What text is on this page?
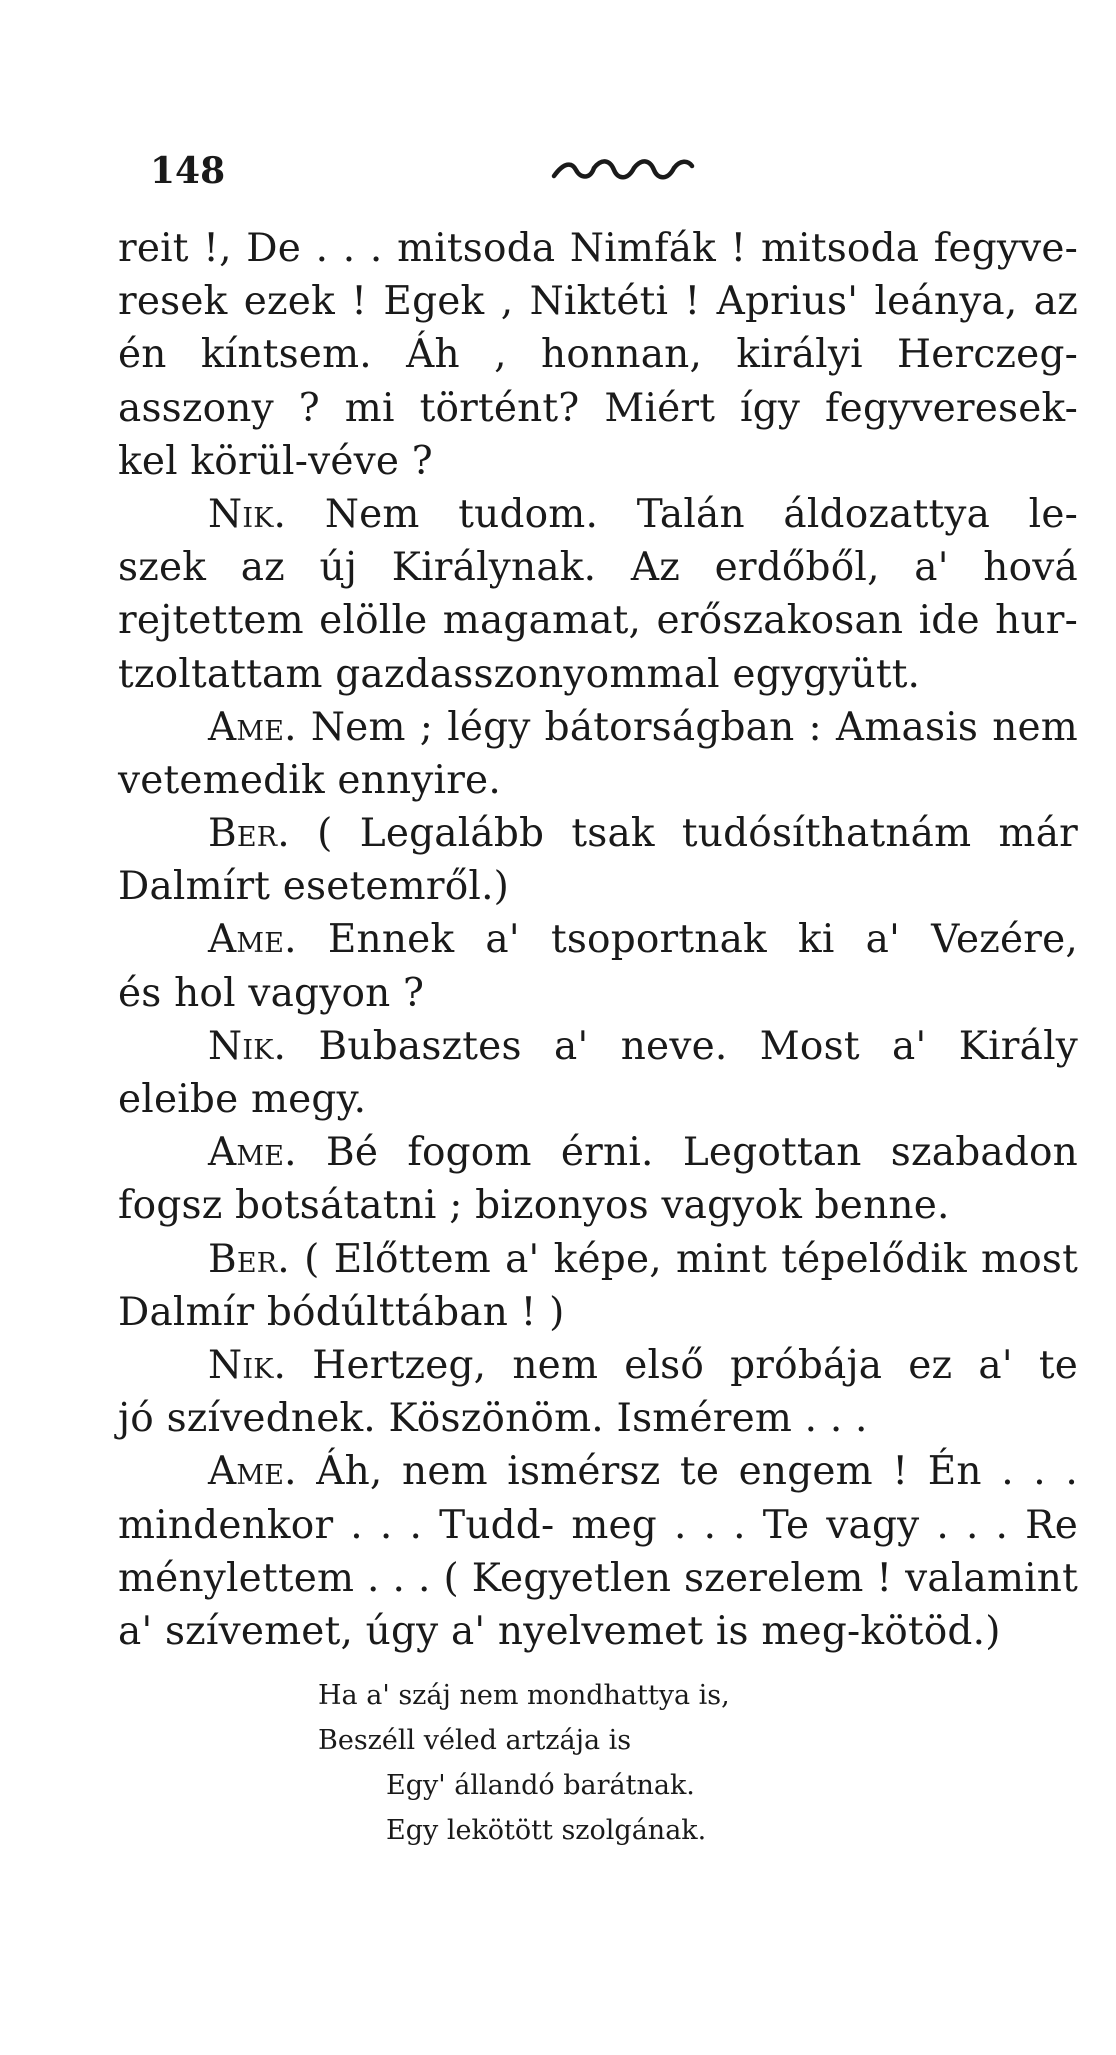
148
reit !, De . . . mitsoda Nimfák ! mitsoda fegyve-
resek ezek ! Egek , Niktéti ! Aprius' leánya, az
én kíntsem. Áh , honnan, királyi Herczeg-
asszony ? mi történt? Miért így fegyveresek-
kel körül-véve ?
Nik. Nem tudom. Talán áldozattya le-
szek az új Királynak. Az erdőből, a' hová
rejtettem elölle magamat, erőszakosan ide hur-
tzoltattam gazdasszonyommal egygyütt.
Ame. Nem ; légy bátorságban : Amasis nem
vetemedik ennyire.
Ber. ( Legalább tsak tudósíthatnám már
Dalmírt esetemről.)
Ame. Ennek a' tsoportnak ki a' Vezére,
és hol vagyon ?
Nik. Bubasztes a' neve. Most a' Király
eleibe megy.
Ame. Bé fogom érni. Legottan szabadon
fogsz botsátatni ; bizonyos vagyok benne.
Ber. ( Előttem a' képe, mint tépelődik most
Dalmír bódúlttában ! )
Nik. Hertzeg, nem első próbája ez a' te
jó szívednek. Köszönöm. Ismérem . . .
Ame. Áh, nem ismérsz te engem ! Én . . .
mindenkor . . . Tudd- meg . . . Te vagy . . . Re
ménylettem . . . ( Kegyetlen szerelem ! valamint
a' szívemet, úgy a' nyelvemet is meg-kötöd.)
Ha a' száj nem mondhattya is,
Beszéll véled artzája is
Egy' állandó barátnak.
Egy lekötött szolgának.
